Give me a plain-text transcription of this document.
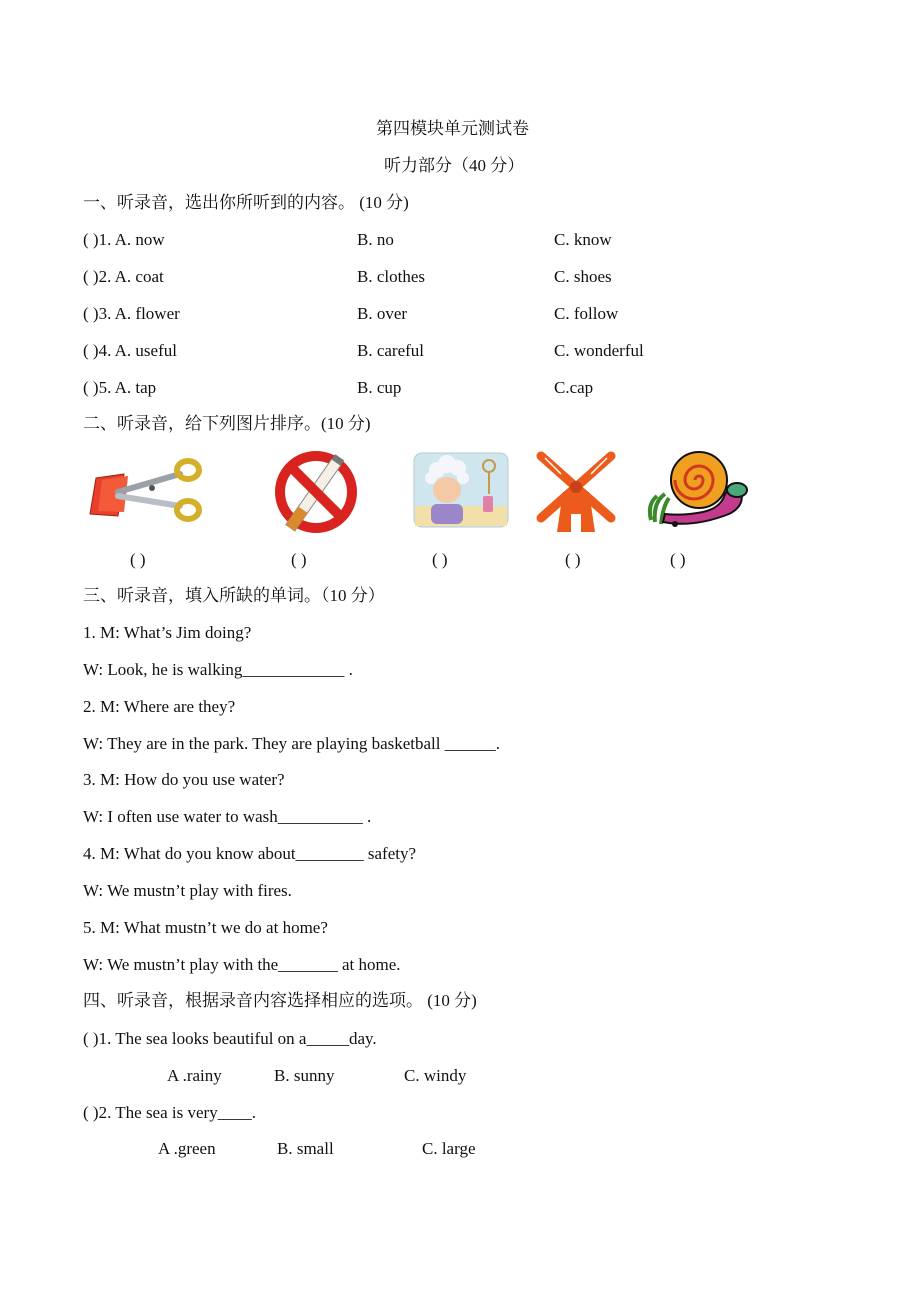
第四模块单元测试卷
听力部分（40 分）
一、听录音，选出你所听到的内容。 (10 分)
( )1. A. now	B. no	C. know
( )2. A. coat	B. clothes	C. shoes
( )3. A. flower	B. over	C. follow
( )4. A. useful	B. careful	C. wonderful
( )5. A. tap	B. cup	C.cap
二、听录音，给下列图片排序。(10 分)
( )	( )	( )	( )	( )
三、听录音，填入所缺的单词。（10 分）
1. M: What’s Jim doing?
W: Look, he is walking____________ .
2. M: Where are they?
W: They are in the park. They are playing basketball ______.
3. M: How do you use water?
W: I often use water to wash__________ .
4. M: What do you know about________ safety?
W: We mustn’t play with fires.
5. M: What mustn’t we do at home?
W: We mustn’t play with the_______ at home.
四、听录音，根据录音内容选择相应的选项。 (10 分)
( )1. The sea looks beautiful on a_____day.
A .rainy	B. sunny	C. windy
( )2. The sea is very____.
A .green	B. small	C. large
